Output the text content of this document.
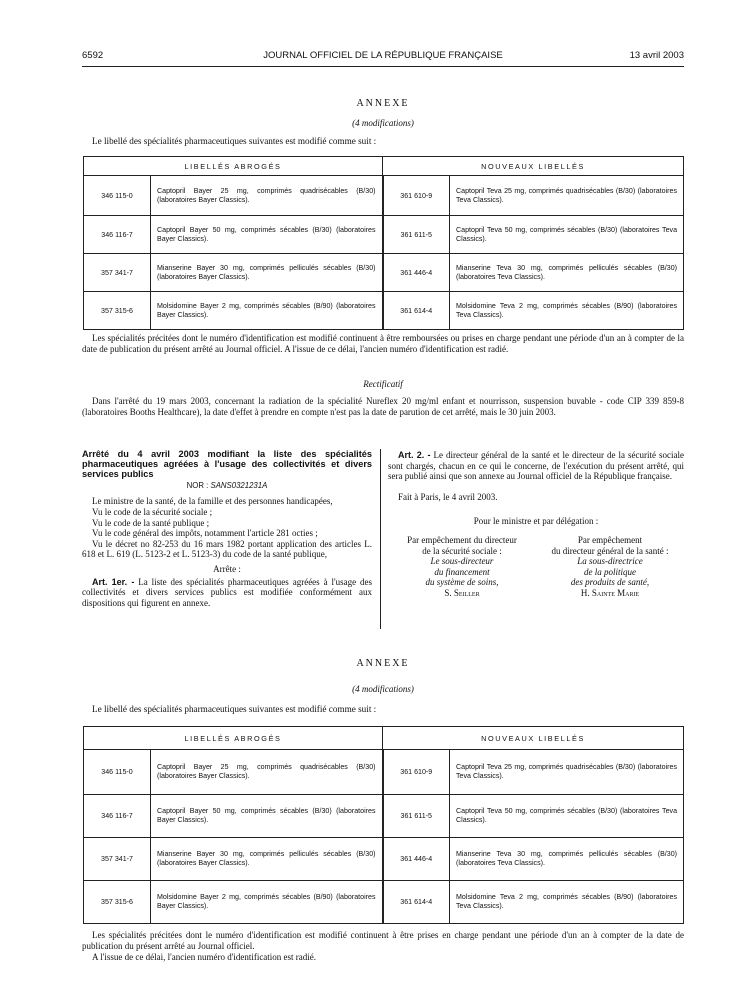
6592	JOURNAL OFFICIEL DE LA RÉPUBLIQUE FRANÇAISE	13 avril 2003
ANNEXE
(4 modifications)
Le libellé des spécialités pharmaceutiques suivantes est modifié comme suit :
LIBELLÉS ABROGÉS		NOUVEAUX LIBELLÉS	
346 115-0	Captopril Bayer 25 mg, comprimés quadrisécables (B/30) (laboratoires Bayer Classics).	361 610-9	Captopril Teva 25 mg, comprimés quadrisécables (B/30) (laboratoires Teva Classics).
346 116-7	Captopril Bayer 50 mg, comprimés sécables (B/30) (laboratoires Bayer Classics).	361 611-5	Captopril Teva 50 mg, comprimés sécables (B/30) (laboratoires Teva Classics).
357 341-7	Mianserine Bayer 30 mg, comprimés pelliculés sécables (B/30) (laboratoires Bayer Classics).	361 446-4	Mianserine Teva 30 mg, comprimés pelliculés sécables (B/30) (laboratoires Teva Classics).
357 315-6	Molsidomine Bayer 2 mg, comprimés sécables (B/90) (laboratoires Bayer Classics).	361 614-4	Molsidomine Teva 2 mg, comprimés sécables (B/90) (laboratoires Teva Classics).
Les spécialités précitées dont le numéro d'identification est modifié continuent à être remboursées ou prises en charge pendant une période d'un an à compter de la date de publication du présent arrêté au Journal officiel. A l'issue de ce délai, l'ancien numéro d'identification est radié.
Rectificatif
Dans l'arrêté du 19 mars 2003, concernant la radiation de la spécialité Nureflex 20 mg/ml enfant et nourrisson, suspension buvable - code CIP 339 859-8 (laboratoires Booths Healthcare), la date d'effet à prendre en compte n'est pas la date de parution de cet arrêté, mais le 30 juin 2003.
Arrêté du 4 avril 2003 modifiant la liste des spécialités pharmaceutiques agréées à l'usage des collectivités et divers services publics
NOR : SANS0321231A
Le ministre de la santé, de la famille et des personnes handicapées,
Vu le code de la sécurité sociale ;
Vu le code de la santé publique ;
Vu le code général des impôts, notamment l'article 281 octies ;
Vu le décret no 82-253 du 16 mars 1982 portant application des articles L. 618 et L. 619 (L. 5123-2 et L. 5123-3) du code de la santé publique,
Arrête :
Art. 1er. - La liste des spécialités pharmaceutiques agréées à l'usage des collectivités et divers services publics est modifiée conformément aux dispositions qui figurent en annexe.
Art. 2. - Le directeur général de la santé et le directeur de la sécurité sociale sont chargés, chacun en ce qui le concerne, de l'exécution du présent arrêté, qui sera publié ainsi que son annexe au Journal officiel de la République française.
Fait à Paris, le 4 avril 2003.
Pour le ministre et par délégation :
Par empêchement du directeur
de la sécurité sociale :
Le sous-directeur
du financement
du système de soins,
S. Seiller
Par empêchement
du directeur général de la santé :
La sous-directrice
de la politique
des produits de santé,
H. Sainte Marie
ANNEXE
(4 modifications)
Le libellé des spécialités pharmaceutiques suivantes est modifié comme suit :
LIBELLÉS ABROGÉS		NOUVEAUX LIBELLÉS	
346 115-0	Captopril Bayer 25 mg, comprimés quadrisécables (B/30) (laboratoires Bayer Classics).	361 610-9	Captopril Teva 25 mg, comprimés quadrisécables (B/30) (laboratoires Teva Classics).
346 116-7	Captopril Bayer 50 mg, comprimés sécables (B/30) (laboratoires Bayer Classics).	361 611-5	Captopril Teva 50 mg, comprimés sécables (B/30) (laboratoires Teva Classics).
357 341-7	Mianserine Bayer 30 mg, comprimés pelliculés sécables (B/30) (laboratoires Bayer Classics).	361 446-4	Mianserine Teva 30 mg, comprimés pelliculés sécables (B/30) (laboratoires Teva Classics).
357 315-6	Molsidomine Bayer 2 mg, comprimés sécables (B/90) (laboratoires Bayer Classics).	361 614-4	Molsidomine Teva 2 mg, comprimés sécables (B/90) (laboratoires Teva Classics).
Les spécialités précitées dont le numéro d'identification est modifié continuent à être prises en charge pendant une période d'un an à compter de la date de publication du présent arrêté au Journal officiel.
A l'issue de ce délai, l'ancien numéro d'identification est radié.
